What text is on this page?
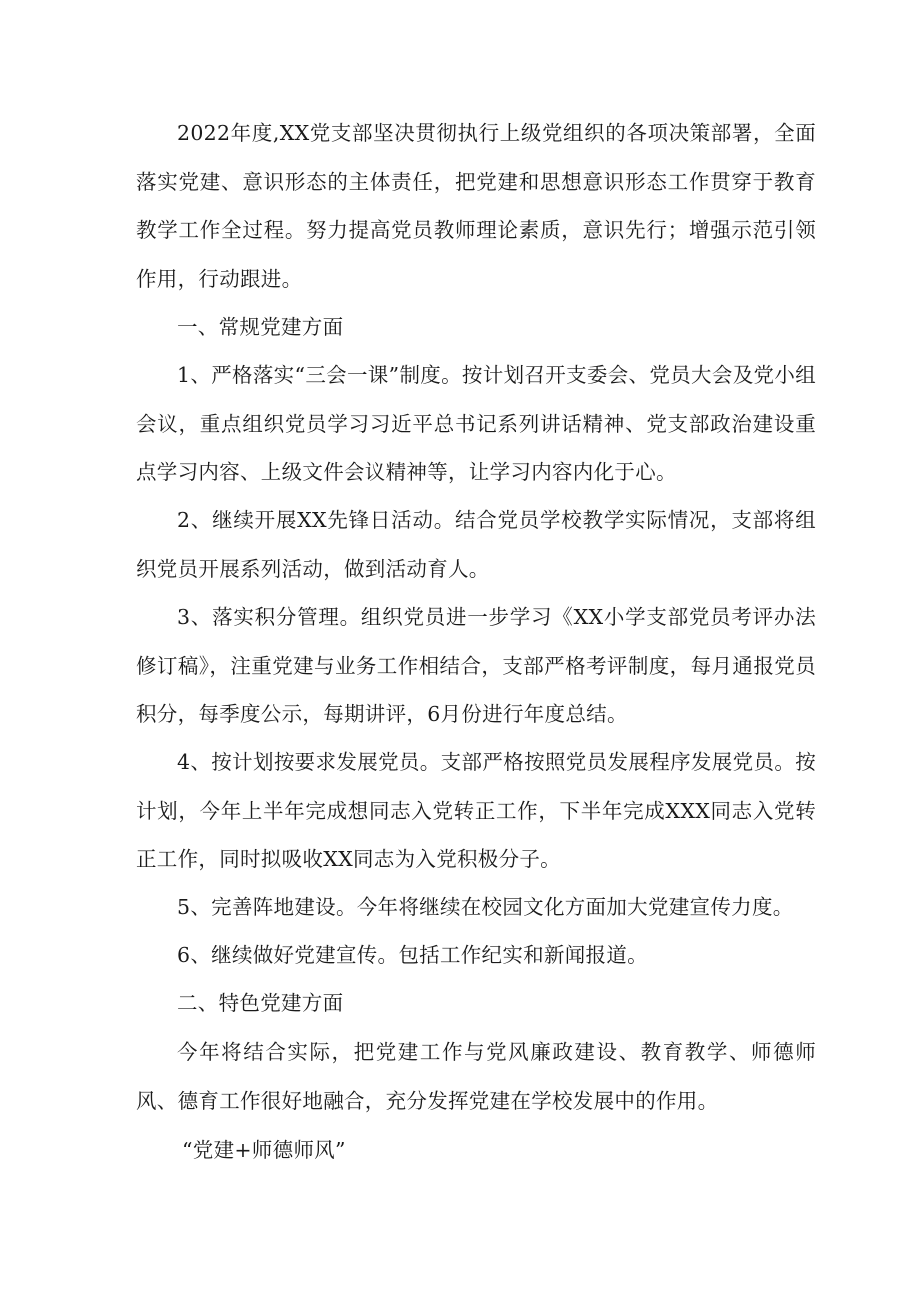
2022年度,XX党支部坚决贯彻执行上级党组织的各项决策部署，全面落实党建、意识形态的主体责任，把党建和思想意识形态工作贯穿于教育教学工作全过程。努力提高党员教师理论素质，意识先行；增强示范引领作用，行动跟进。

一、常规党建方面

1、严格落实“三会一课”制度。按计划召开支委会、党员大会及党小组会议，重点组织党员学习习近平总书记系列讲话精神、党支部政治建设重点学习内容、上级文件会议精神等，让学习内容内化于心。

2、继续开展XX先锋日活动。结合党员学校教学实际情况，支部将组织党员开展系列活动，做到活动育人。

3、落实积分管理。组织党员进一步学习《XX小学支部党员考评办法修订稿》，注重党建与业务工作相结合，支部严格考评制度，每月通报党员积分，每季度公示，每期讲评，6月份进行年度总结。

4、按计划按要求发展党员。支部严格按照党员发展程序发展党员。按计划，今年上半年完成想同志入党转正工作，下半年完成XXX同志入党转正工作，同时拟吸收XX同志为入党积极分子。

5、完善阵地建设。今年将继续在校园文化方面加大党建宣传力度。

6、继续做好党建宣传。包括工作纪实和新闻报道。

二、特色党建方面

今年将结合实际，把党建工作与党风廉政建设、教育教学、师德师风、德育工作很好地融合，充分发挥党建在学校发展中的作用。

“党建+师德师风”
